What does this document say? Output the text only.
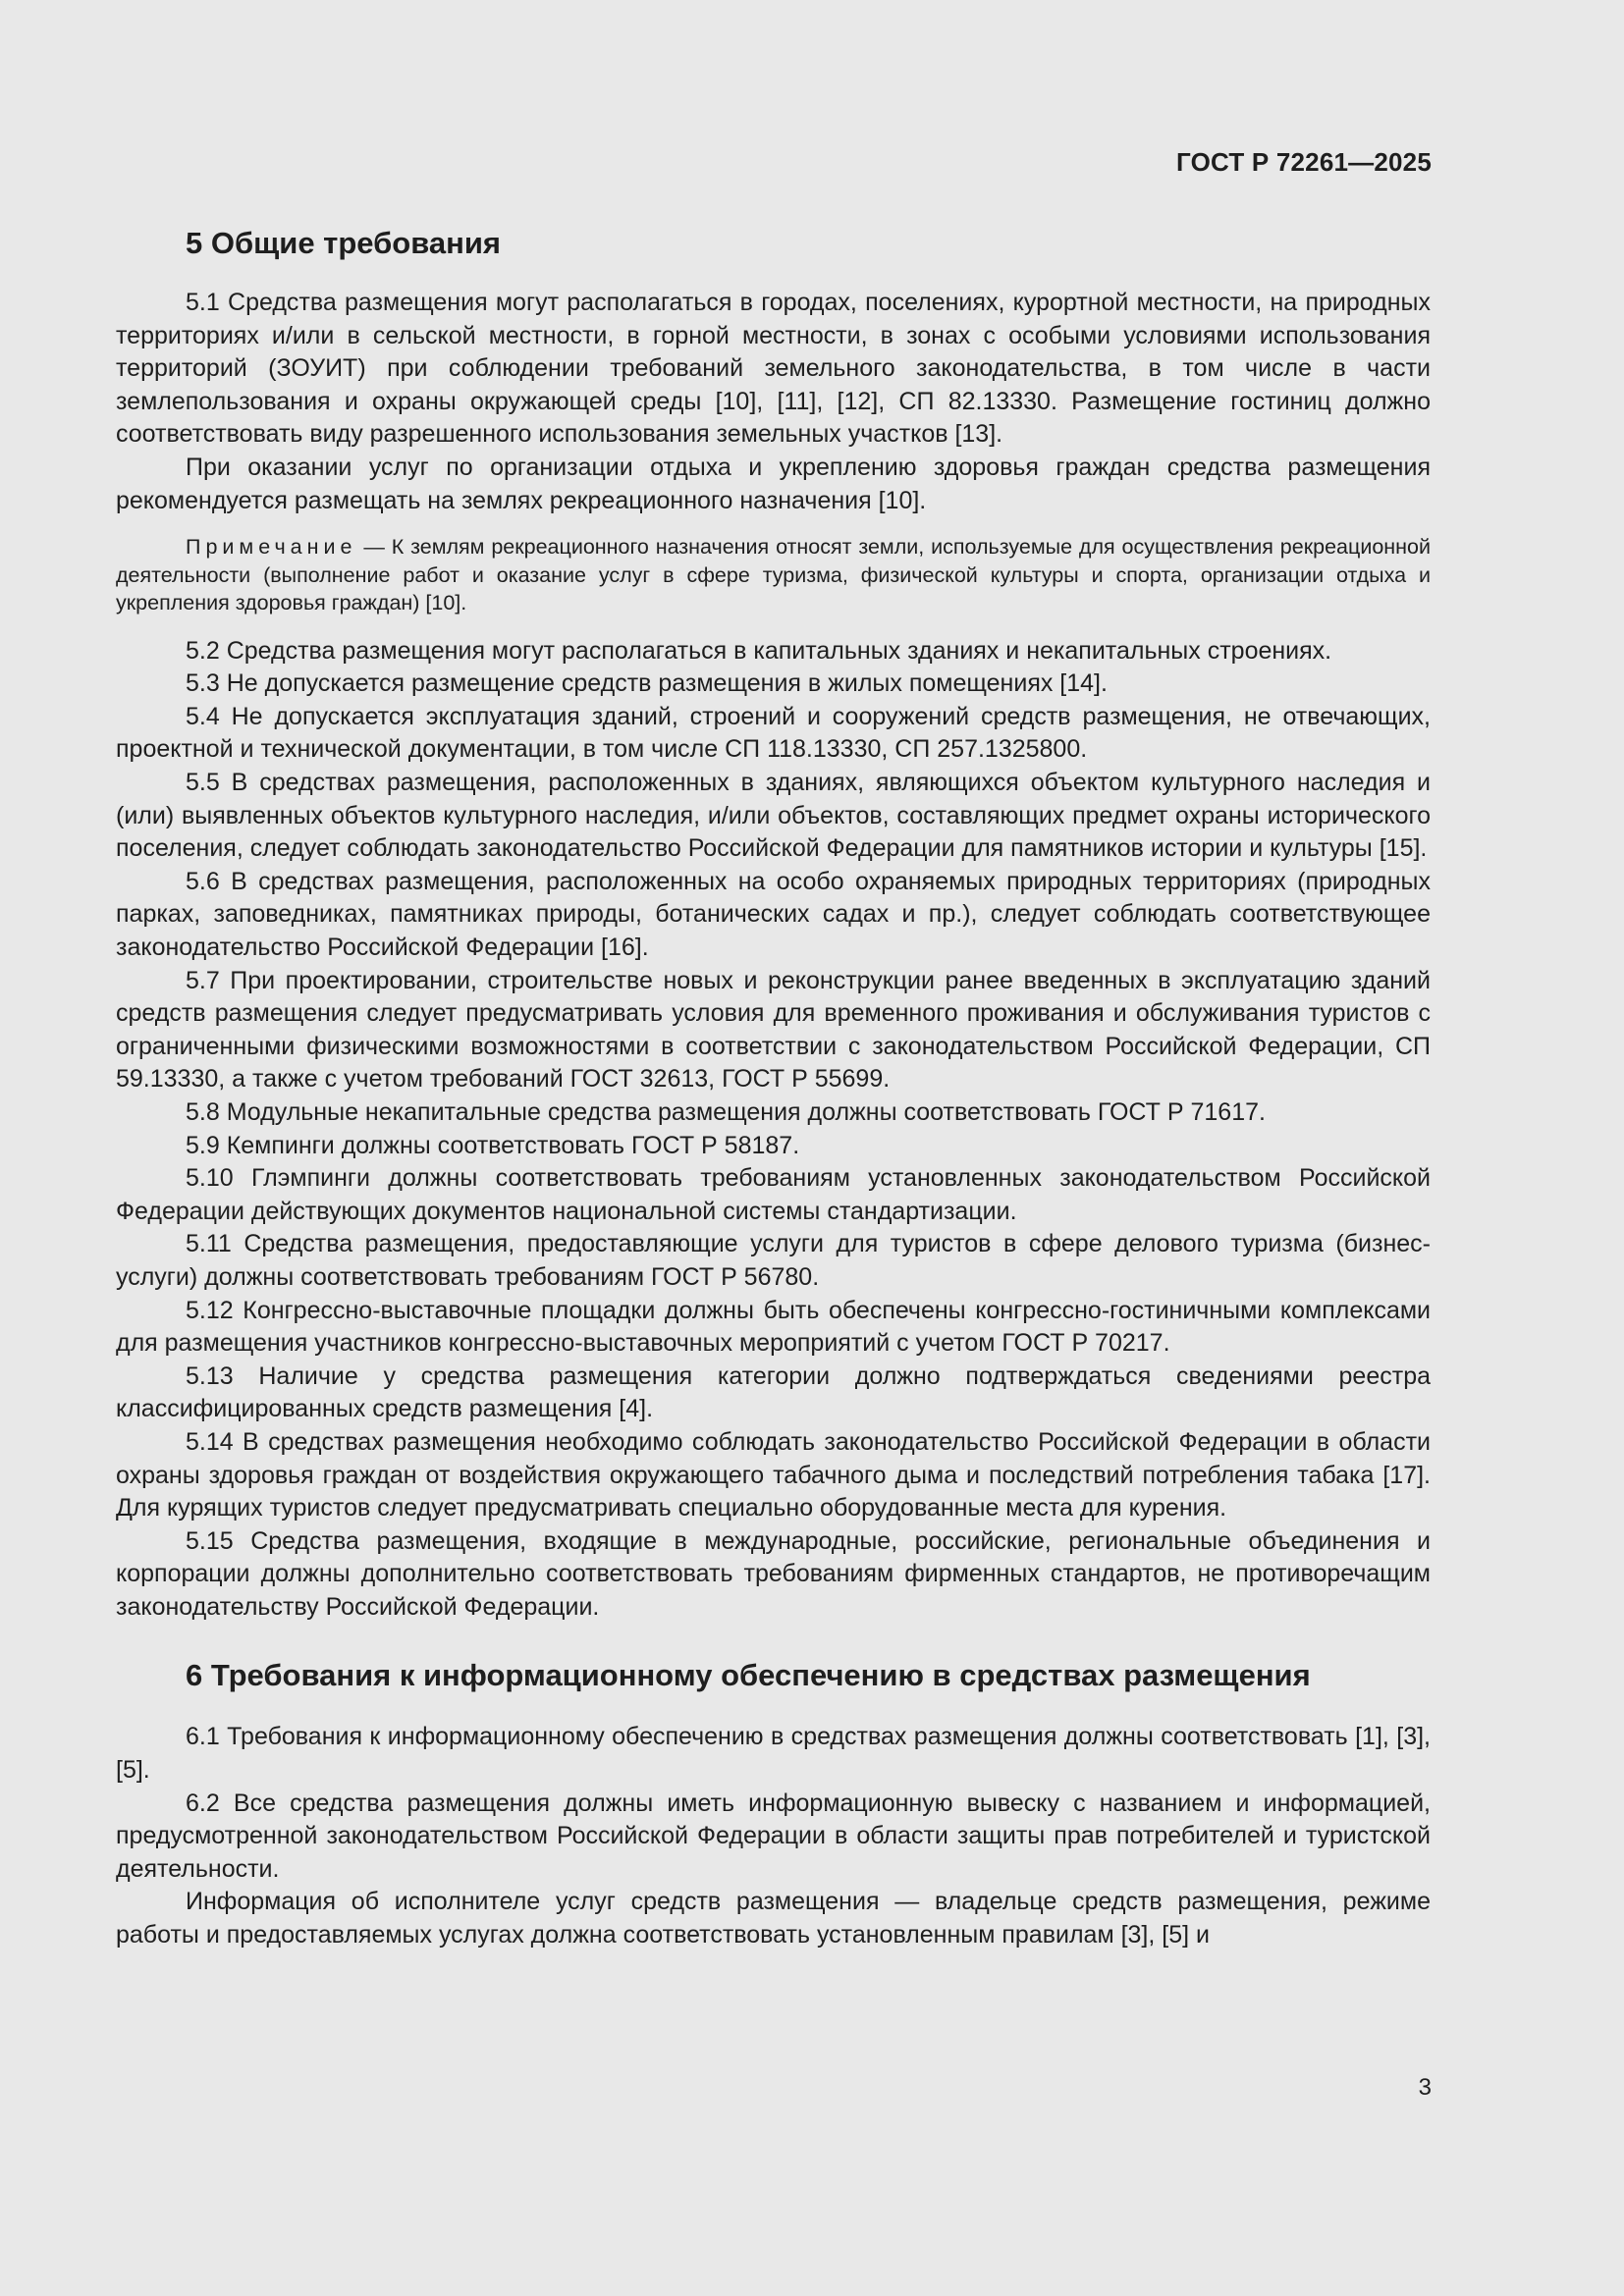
ГОСТ Р 72261—2025
5 Общие требования

5.1 Средства размещения могут располагаться в городах, поселениях, курортной местности, на природных территориях и/или в сельской местности, в горной местности, в зонах с особыми условиями использования территорий (ЗОУИТ) при соблюдении требований земельного законодательства, в том числе в части землепользования и охраны окружающей среды [10], [11], [12], СП 82.13330. Размещение гостиниц должно соответствовать виду разрешенного использования земельных участков [13].

При оказании услуг по организации отдыха и укреплению здоровья граждан средства размещения рекомендуется размещать на землях рекреационного назначения [10].

Примечание — К землям рекреационного назначения относят земли, используемые для осуществления рекреационной деятельности (выполнение работ и оказание услуг в сфере туризма, физической культуры и спорта, организации отдыха и укрепления здоровья граждан) [10].

5.2 Средства размещения могут располагаться в капитальных зданиях и некапитальных строениях.

5.3 Не допускается размещение средств размещения в жилых помещениях [14].

5.4 Не допускается эксплуатация зданий, строений и сооружений средств размещения, не отвечающих, проектной и технической документации, в том числе СП 118.13330, СП 257.1325800.

5.5 В средствах размещения, расположенных в зданиях, являющихся объектом культурного наследия и (или) выявленных объектов культурного наследия, и/или объектов, составляющих предмет охраны исторического поселения, следует соблюдать законодательство Российской Федерации для памятников истории и культуры [15].

5.6 В средствах размещения, расположенных на особо охраняемых природных территориях (природных парках, заповедниках, памятниках природы, ботанических садах и пр.), следует соблюдать соответствующее законодательство Российской Федерации [16].

5.7 При проектировании, строительстве новых и реконструкции ранее введенных в эксплуатацию зданий средств размещения следует предусматривать условия для временного проживания и обслуживания туристов с ограниченными физическими возможностями в соответствии с законодательством Российской Федерации, СП 59.13330, а также с учетом требований ГОСТ 32613, ГОСТ Р 55699.

5.8 Модульные некапитальные средства размещения должны соответствовать ГОСТ Р 71617.

5.9 Кемпинги должны соответствовать ГОСТ Р 58187.

5.10 Глэмпинги должны соответствовать требованиям установленных законодательством Российской Федерации действующих документов национальной системы стандартизации.

5.11 Средства размещения, предоставляющие услуги для туристов в сфере делового туризма (бизнес-услуги) должны соответствовать требованиям ГОСТ Р 56780.

5.12 Конгрессно-выставочные площадки должны быть обеспечены конгрессно-гостиничными комплексами для размещения участников конгрессно-выставочных мероприятий с учетом ГОСТ Р 70217.

5.13 Наличие у средства размещения категории должно подтверждаться сведениями реестра классифицированных средств размещения [4].

5.14 В средствах размещения необходимо соблюдать законодательство Российской Федерации в области охраны здоровья граждан от воздействия окружающего табачного дыма и последствий потребления табака [17]. Для курящих туристов следует предусматривать специально оборудованные места для курения.

5.15 Средства размещения, входящие в международные, российские, региональные объединения и корпорации должны дополнительно соответствовать требованиям фирменных стандартов, не противоречащим законодательству Российской Федерации.

6 Требования к информационному обеспечению в средствах размещения

6.1 Требования к информационному обеспечению в средствах размещения должны соответствовать [1], [3], [5].

6.2 Все средства размещения должны иметь информационную вывеску с названием и информацией, предусмотренной законодательством Российской Федерации в области защиты прав потребителей и туристской деятельности.

Информация об исполнителе услуг средств размещения — владельце средств размещения, режиме работы и предоставляемых услугах должна соответствовать установленным правилам [3], [5] и

3
